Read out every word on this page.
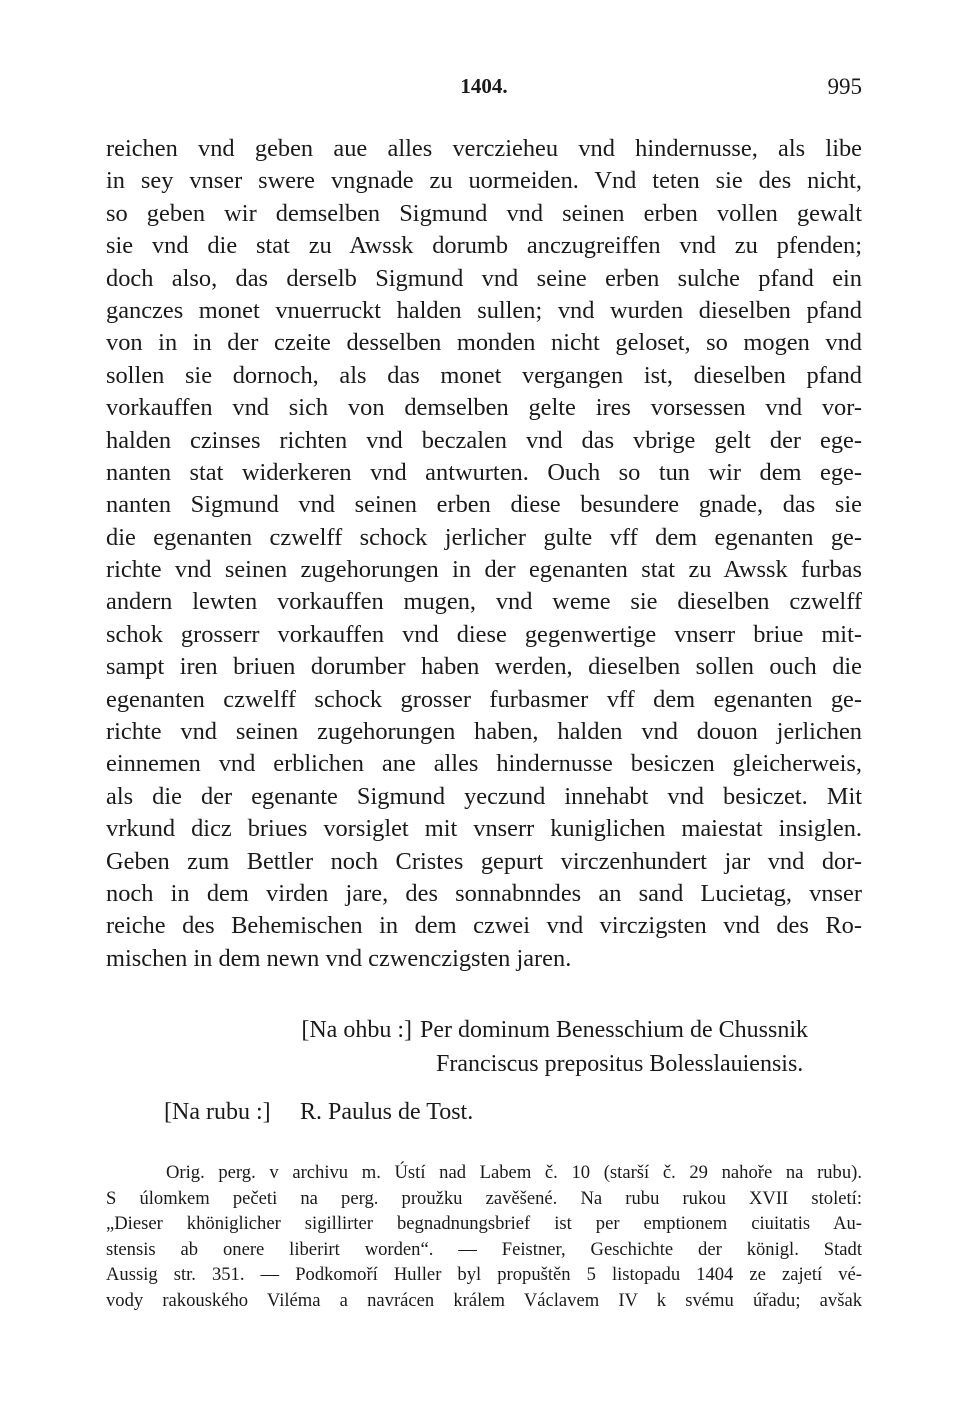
1404.	995
reichen vnd geben aue alles verczieheu vnd hindernusse, als libe
in sey vnser swere vngnade zu uormeiden. Vnd teten sie des nicht,
so geben wir demselben Sigmund vnd seinen erben vollen gewalt
sie vnd die stat zu Awssk dorumb anczugreiffen vnd zu pfenden;
doch also, das derselb Sigmund vnd seine erben sulche pfand ein
ganczes monet vnuerruckt halden sullen; vnd wurden dieselben pfand
von in in der czeite desselben monden nicht geloset, so mogen vnd
sollen sie dornoch, als das monet vergangen ist, dieselben pfand
vorkauffen vnd sich von demselben gelte ires vorsessen vnd vor-
halden czinses richten vnd beczalen vnd das vbrige gelt der ege-
nanten stat widerkeren vnd antwurten. Ouch so tun wir dem ege-
nanten Sigmund vnd seinen erben diese besundere gnade, das sie
die egenanten czwelff schock jerlicher gulte vff dem egenanten ge-
richte vnd seinen zugehorungen in der egenanten stat zu Awssk furbas
andern lewten vorkauffen mugen, vnd weme sie dieselben czwelff
schok grosserr vorkauffen vnd diese gegenwertige vnserr briue mit-
sampt iren briuen dorumber haben werden, dieselben sollen ouch die
egenanten czwelff schock grosser furbasmer vff dem egenanten ge-
richte vnd seinen zugehorungen haben, halden vnd douon jerlichen
einnemen vnd erblichen ane alles hindernusse besiczen gleicherweis,
als die der egenante Sigmund yeczund innehabt vnd besiczet. Mit
vrkund dicz briues vorsiglet mit vnserr kuniglichen maiestat insiglen.
Geben zum Bettler noch Cristes gepurt virczenhundert jar vnd dor-
noch in dem virden jare, des sonnabnndes an sand Lucietag, vnser
reiche des Behemischen in dem czwei vnd virczigsten vnd des Ro-
mischen in dem newn vnd czwenczigsten jaren.
[Na ohbu :] Per dominum Benesschium de Chussnik
Franciscus prepositus Bolesslauiensis.
[Na rubu :] R. Paulus de Tost.
Orig. perg. v archivu m. Ústí nad Labem č. 10 (starší č. 29 nahoře na rubu).
S úlomkem pečeti na perg. proužku zavěšené. Na rubu rukou XVII století:
„Dieser khöniglicher sigillirter begnadnungsbrief ist per emptionem ciuitatis Au-
stensis ab onere liberirt worden“. — Feistner, Geschichte der königl. Stadt
Aussig str. 351. — Podkomoří Huller byl propuštěn 5 listopadu 1404 ze zajetí vé-
vody rakouského Viléma a navrácen králem Václavem IV k svému úřadu; avšak
